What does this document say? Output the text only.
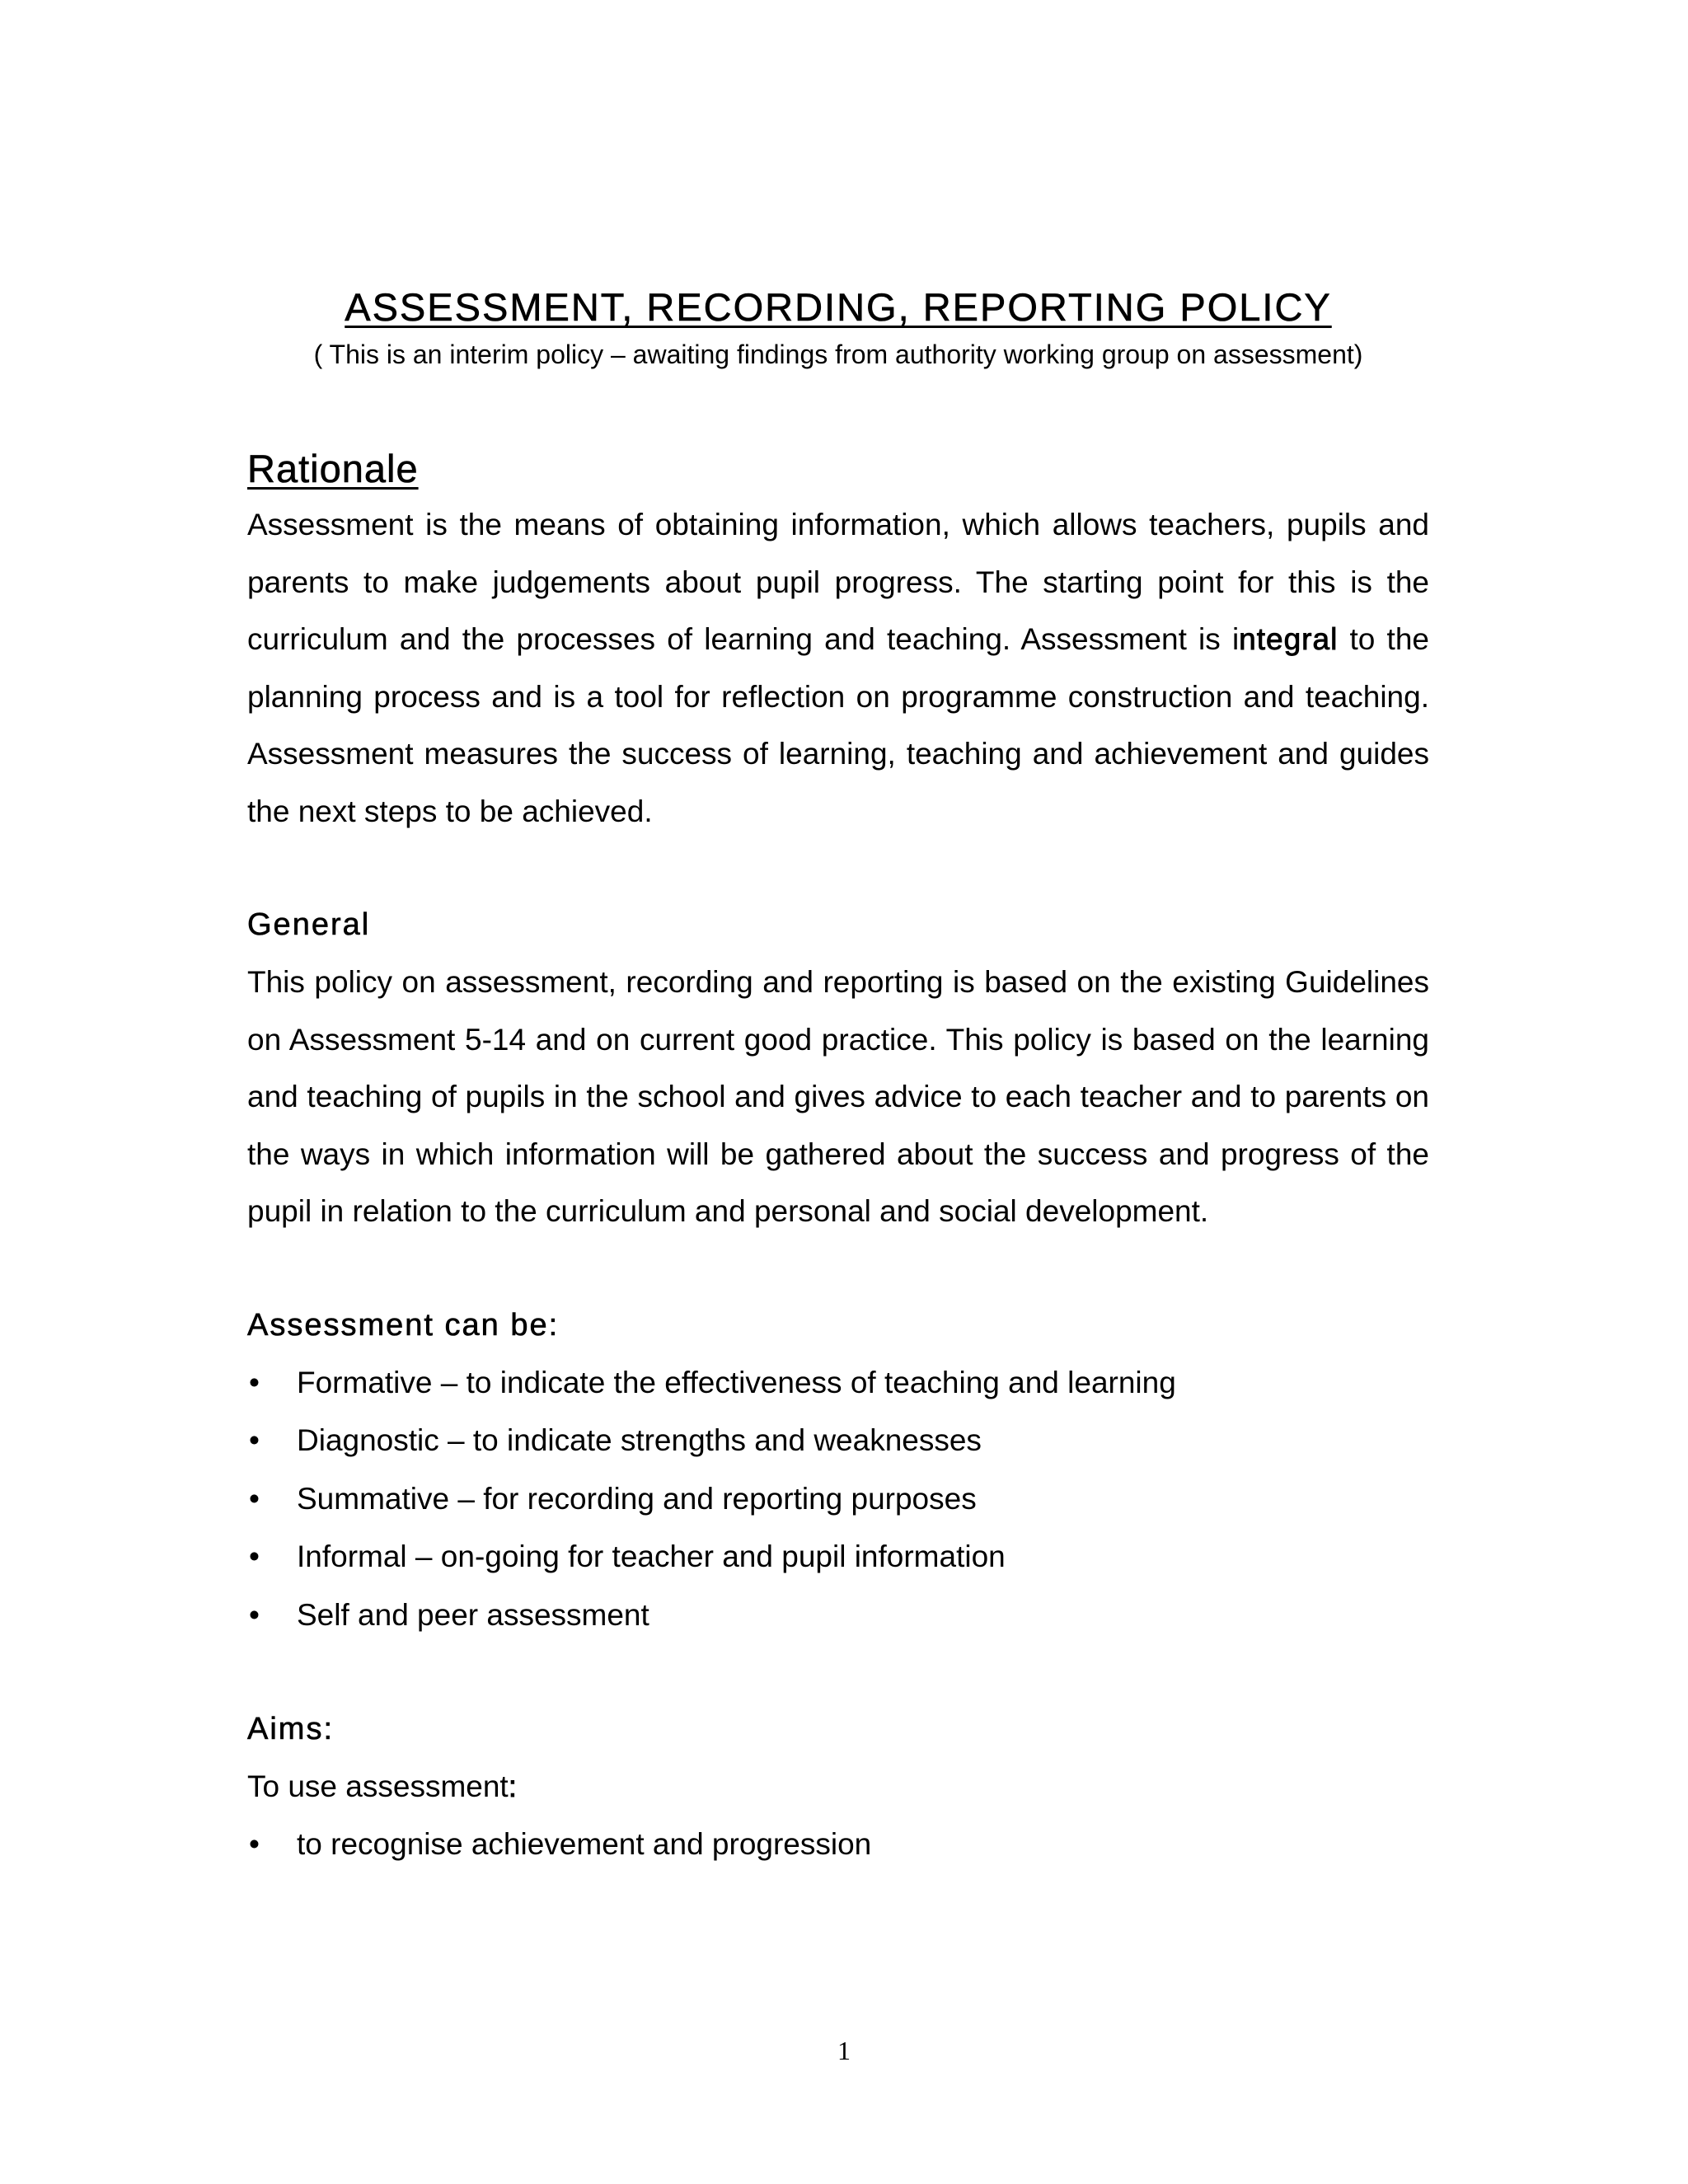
ASSESSMENT, RECORDING, REPORTING POLICY

( This is an interim policy – awaiting findings from authority working group on assessment)

Rationale

Assessment is the means of obtaining information, which allows teachers, pupils and parents to make judgements about pupil progress. The starting point for this is the curriculum and the processes of learning and teaching. Assessment is integral to the planning process and is a tool for reflection on programme construction and teaching. Assessment measures the success of learning, teaching and achievement and guides the next steps to be achieved.

General

This policy on assessment, recording and reporting is based on the existing Guidelines on Assessment 5-14 and on current good practice. This policy is based on the learning and teaching of pupils in the school and gives advice to each teacher and to parents on the ways in which information will be gathered about the success and progress of the pupil in relation to the curriculum and personal and social development.

Assessment can be:
• Formative – to indicate the effectiveness of teaching and learning
• Diagnostic – to indicate strengths and weaknesses
• Summative – for recording and reporting purposes
• Informal – on-going for teacher and pupil information
• Self and peer assessment
Aims:

To use assessment:

• to recognise achievement and progression
1
